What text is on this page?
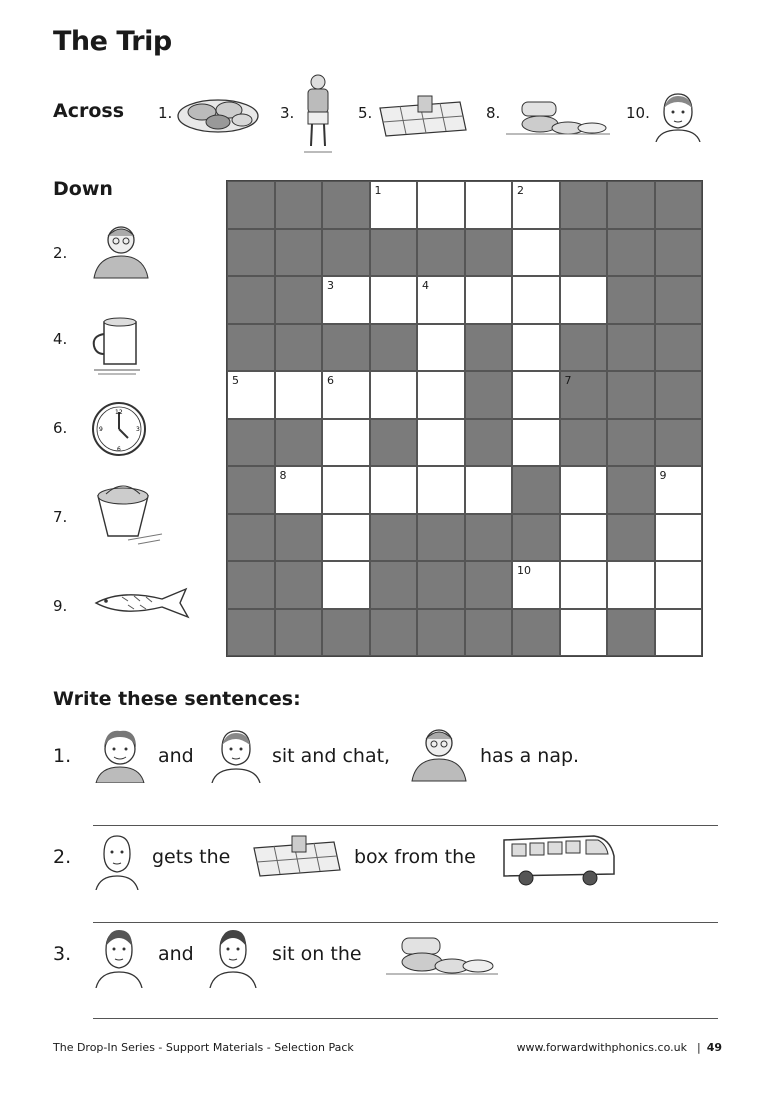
The Trip
Across 1.	3.	5.	8.	10.
Down
2.
4.
6.
12
3
6
9
7.
9.
1	2
3	4
5	6	7
8	9
10
Write these sentences:
1.	and	sit and chat,	has a nap.
2.	gets the	box from the
3.	and	sit on the
The Drop-In Series - Support Materials - Selection Pack	www.forwardwithphonics.co.uk | 49
